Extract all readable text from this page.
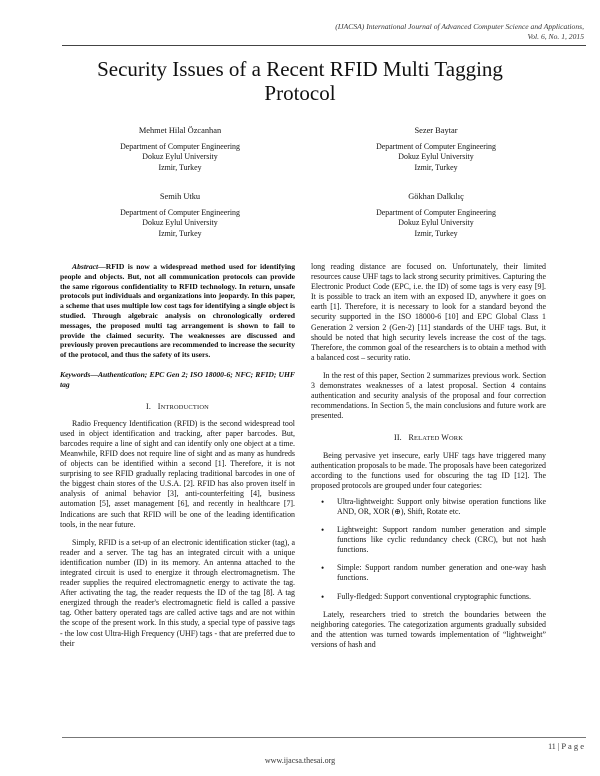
(IJACSA) International Journal of Advanced Computer Science and Applications,
Vol. 6, No. 1, 2015
Security Issues of a Recent RFID Multi Tagging
Protocol
Mehmet Hilal Özcanhan
Department of Computer Engineering
Dokuz Eylul University
Izmir, Turkey
Sezer Baytar
Department of Computer Engineering
Dokuz Eylul University
Izmir, Turkey
Semih Utku
Department of Computer Engineering
Dokuz Eylul University
Izmir, Turkey
Gökhan Dalkılıç
Department of Computer Engineering
Dokuz Eylul University
Izmir, Turkey

Abstract—RFID is now a widespread method used for identifying people and objects. But, not all communication protocols can provide the same rigorous confidentiality to RFID technology. In return, unsafe protocols put individuals and organizations into jeopardy. In this paper, a scheme that uses multiple low cost tags for identifying a single object is studied. Through algebraic analysis on chronologically ordered messages, the proposed multi tag arrangement is shown to fail to provide the claimed security. The weaknesses are discussed and previously proven precautions are recommended to increase the security of the protocol, and thus the safety of its users.

Keywords—Authentication; EPC Gen 2; ISO 18000-6; NFC; RFID; UHF tag

I. INTRODUCTION

Radio Frequency Identification (RFID) is the second widespread tool used in object identification and tracking, after paper barcodes. But, barcodes require a line of sight and can identify only one object at a time. Meanwhile, RFID does not require line of sight and as many as hundreds of objects can be identified within a second [1]. Therefore, it is not surprising to see RFID gradually replacing traditional barcodes in one of the biggest chain stores of the U.S.A. [2]. RFID has also proven itself in analysis of animal behavior [3], anti-counterfeiting [4], business automation [5], asset management [6], and recently in healthcare [7]. Indications are such that RFID will be one of the leading identification tools, in the near future.

Simply, RFID is a set-up of an electronic identification sticker (tag), a reader and a server. The tag has an integrated circuit with a unique identification number (ID) in its memory. An antenna attached to the integrated circuit is used to energize it through electromagnetism. The reader supplies the required electromagnetic energy to activate the tag. After activating the tag, the reader requests the ID of the tag [8]. A tag energized through the reader's electromagnetic field is called a passive tag. Other battery operated tags are called active tags and are not within the scope of the present work. In this study, a special type of passive tags - the low cost Ultra-High Frequency (UHF) tags - that are preferred due to their

long reading distance are focused on. Unfortunately, their limited resources cause UHF tags to lack strong security primitives. Capturing the Electronic Product Code (EPC, i.e. the ID) of some tags is very easy [9]. It is possible to track an item with an exposed ID, anywhere it goes on earth [1]. Therefore, it is necessary to look for a standard beyond the security supported in the ISO 18000-6 [10] and EPC Global Class 1 Generation 2 version 2 (Gen-2) [11] standards of the UHF tags. But, it should be noted that high security levels increase the cost of the tags. Therefore, the common goal of the researchers is to obtain a method with a balanced cost – security ratio.

In the rest of this paper, Section 2 summarizes previous work. Section 3 demonstrates weaknesses of a latest proposal. Section 4 contains authentication and security analysis of the proposal and four correction recommendations. In Section 5, the main conclusions and future work are presented.

II. RELATED WORK

Being pervasive yet insecure, early UHF tags have triggered many authentication proposals to be made. The proposals have been categorized according to the functions used for obscuring the tag ID [12]. The proposed protocols are grouped under four categories:

• Ultra-lightweight: Support only bitwise operation functions like AND, OR, XOR (⊕), Shift, Rotate etc.
• Lightweight: Support random number generation and simple functions like cyclic redundancy check (CRC), but not hash functions.
• Simple: Support random number generation and one-way hash functions.
• Fully-fledged: Support conventional cryptographic functions.

Lately, researchers tried to stretch the boundaries between the neighboring categories. The categorization arguments gradually subsided and the attention was turned towards implementation of “lightweight” versions of hash and

11 | P a g e
www.ijacsa.thesai.org
